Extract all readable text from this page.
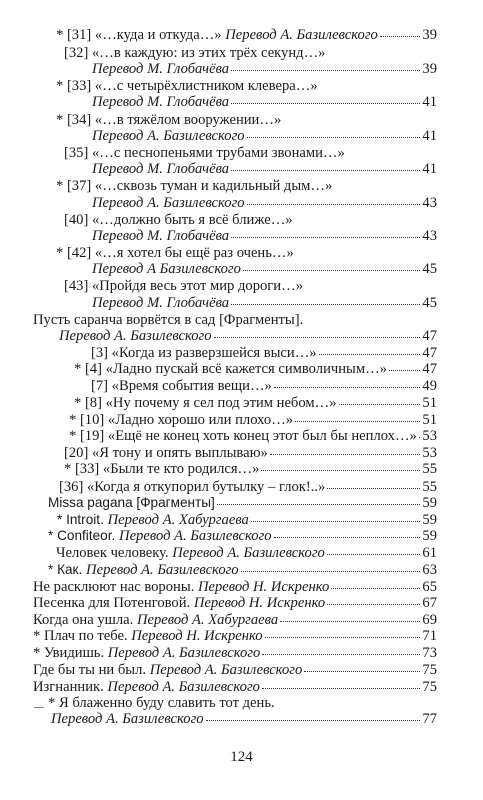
* [31] «…куда и откуда…» Перевод А. Базилевского	39
[32] «…в каждую: из этих трёх секунд…»
Перевод М. Глобачёва	39
* [33] «…с четырёхлистником клевера…»
Перевод М. Глобачёва	41
* [34] «…в тяжёлом вооружении…»
Перевод А. Базилевского	41
[35] «…с песнопеньями трубами звонами…»
Перевод М. Глобачёва	41
* [37] «…сквозь туман и кадильный дым…»
Перевод А. Базилевского	43
[40] «…должно быть я всё ближе…»
Перевод М. Глобачёва	43
* [42] «…я хотел бы ещё раз очень…»
Перевод А Базилевского	45
[43] «Пройдя весь этот мир дороги…»
Перевод М. Глобачёва	45
Пусть саранча ворвётся в сад [Фрагменты].
Перевод А. Базилевского	47
[3] «Когда из разверзшейся выси…»	47
* [4] «Ладно пускай всё кажется символичным…» 47
[7] «Время события вещи…»	49
* [8] «Ну почему я сел под этим небом…»	51
* [10] «Ладно хорошо или плохо…»	51
* [19] «Ещё не конец хоть конец этот был бы неплох…» 53
[20] «Я тону и опять выплываю»	53
* [33] «Были те кто родился…»	55
[36] «Когда я откупорил бутылку – глок!..»	55
Missa pagana [Фрагменты]	59
* Introit. Перевод А. Хабургаева	59
* Confiteor. Перевод А. Базилевского	59
Человек человеку. Перевод А. Базилевского	61
* Как. Перевод А. Базилевского	63
Не расклюют нас вороны. Перевод Н. Искренко	65
Песенка для Потенговой. Перевод Н. Искренко	67
Когда она ушла. Перевод А. Хабургаева	69
* Плач по тебе. Перевод Н. Искренко	71
* Увидишь. Перевод А. Базилевского	73
Где бы ты ни был. Перевод А. Базилевского	75
Изгнанник. Перевод А. Базилевского	75
* Я блаженно буду славить тот день.
Перевод А. Базилевского	77
124
